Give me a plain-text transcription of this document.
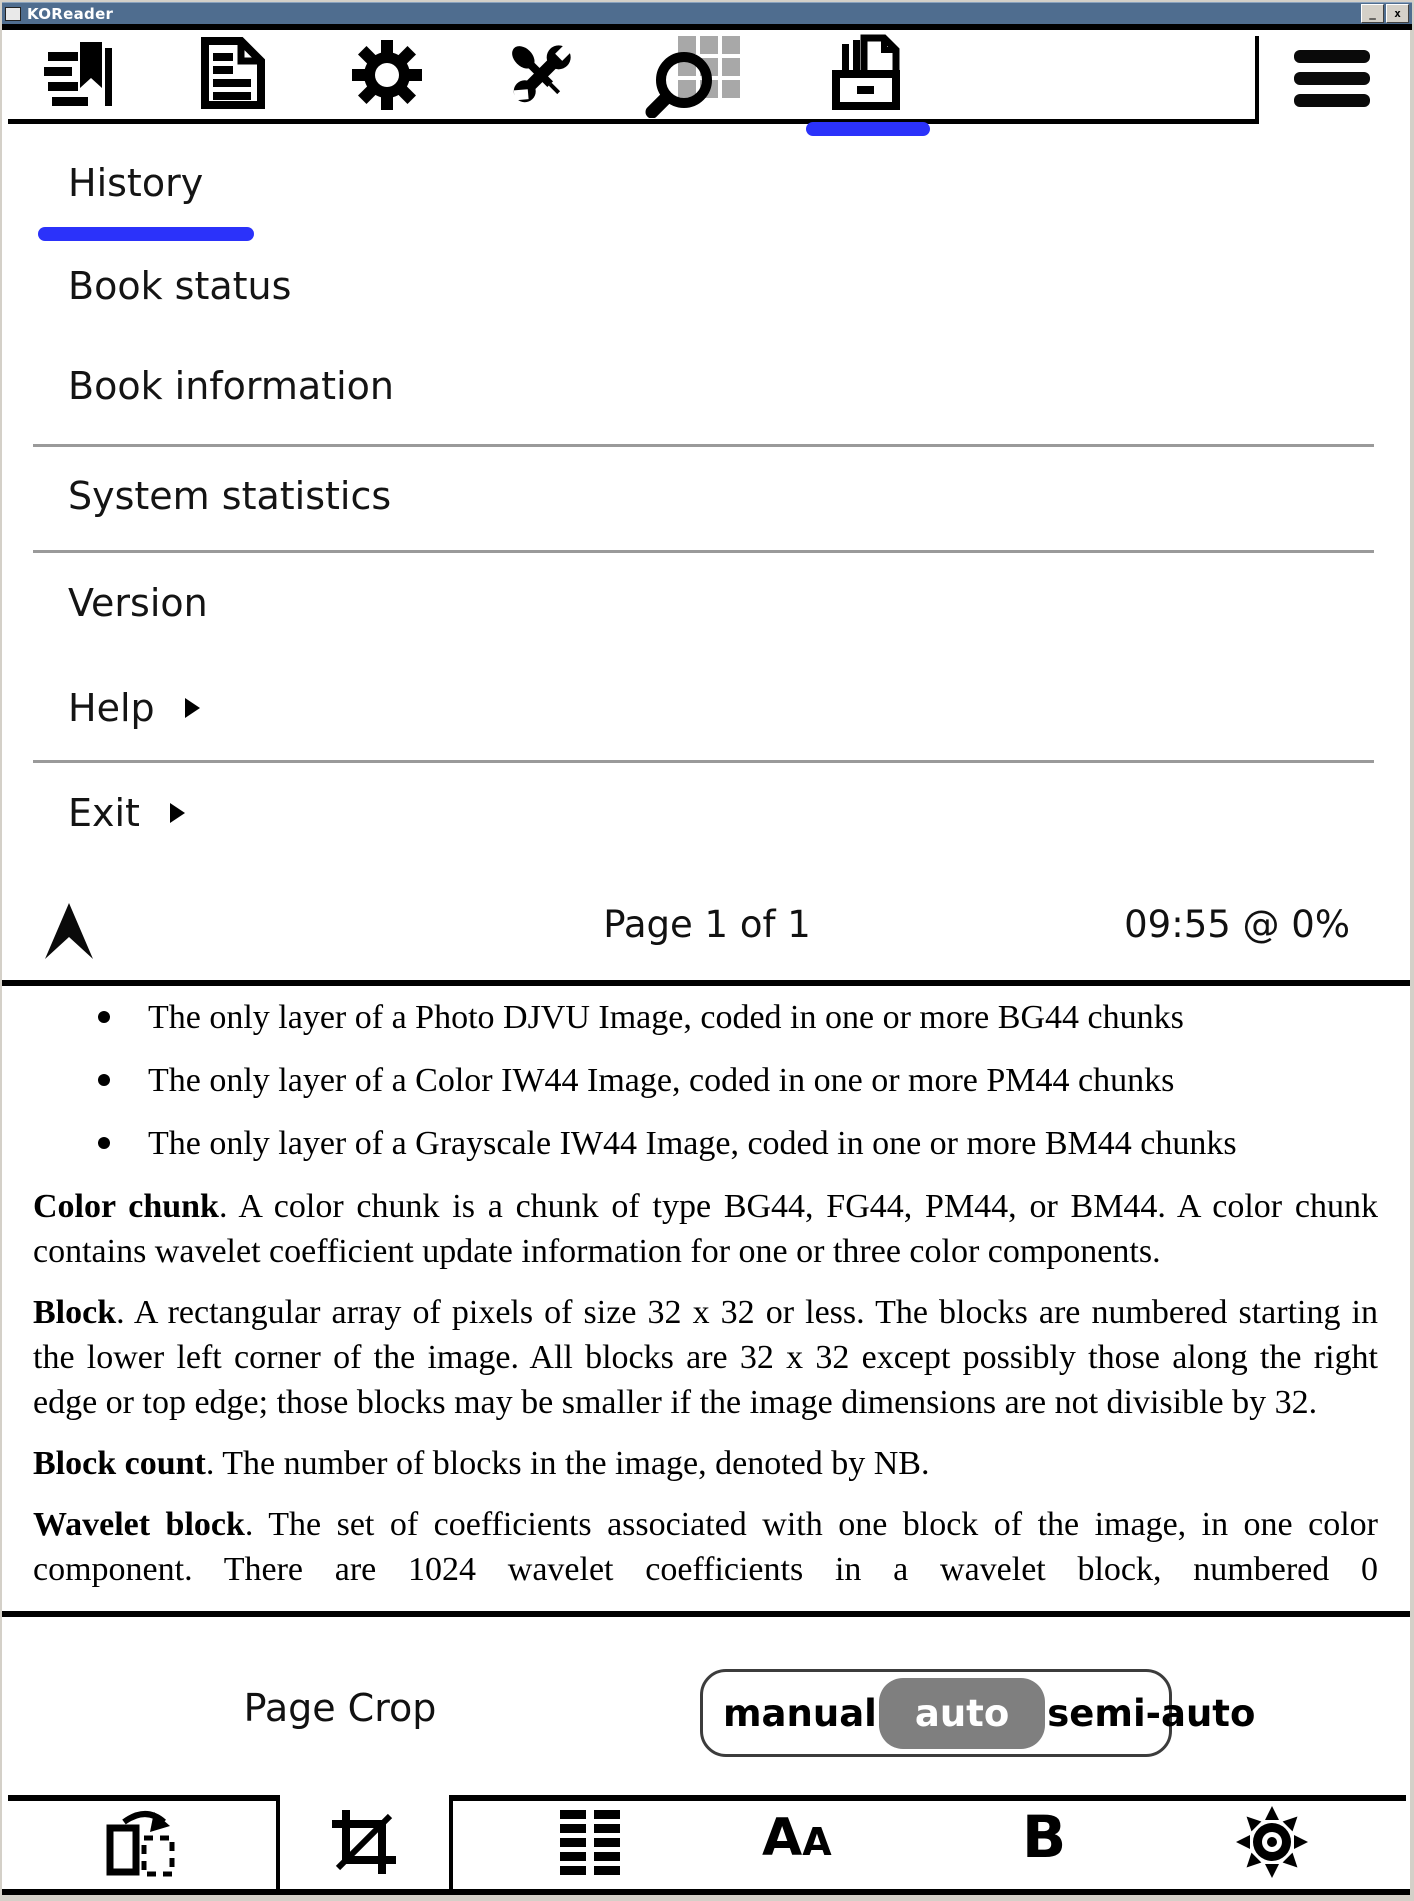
KOReader	_	x
The only layer of a Photo DJVU Image, coded in one or more BG44 chunks
The only layer of a Color IW44 Image, coded in one or more PM44 chunks
The only layer of a Grayscale IW44 Image, coded in one or more BM44 chunks

Color chunk. A color chunk is a chunk of type BG44, FG44, PM44, or BM44. A color chunk contains wavelet coefficient update information for one or three color components.

Block. A rectangular array of pixels of size 32 x 32 or less. The blocks are numbered starting in the lower left corner of the image. All blocks are 32 x 32 except possibly those along the right edge or top edge; those blocks may be smaller if the image dimensions are not divisible by 32.

Block count. The number of blocks in the image, denoted by NB.

Wavelet block. The set of coefficients associated with one block of the image, in one color component. There are 1024 wavelet coefficients in a wavelet block, numbered 0

History
Book status
Book information
System statistics
Version
Help
Exit
Page 1 of 1	09:55 @ 0%
Page Crop	manual	auto	semi-auto
AA	B
